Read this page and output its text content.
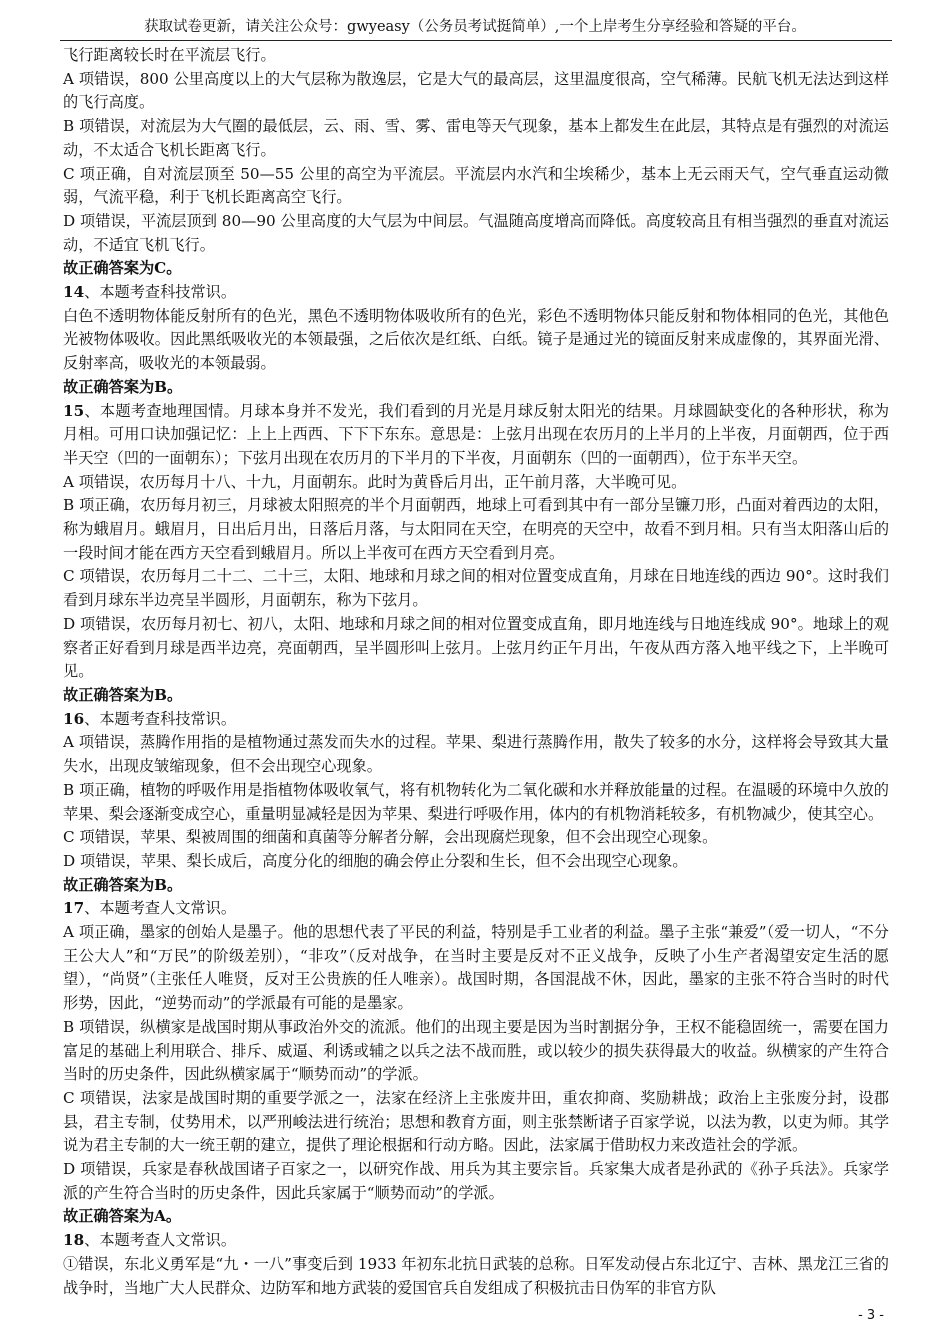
获取试卷更新，请关注公众号：gwyeasy（公务员考试挺简单）,一个上岸考生分享经验和答疑的平台。

飞行距离较长时在平流层飞行。

A 项错误，800 公里高度以上的大气层称为散逸层，它是大气的最高层，这里温度很高，空气稀薄。民航飞机无法达到这样的飞行高度。

B 项错误，对流层为大气圈的最低层，云、雨、雪、雾、雷电等天气现象，基本上都发生在此层，其特点是有强烈的对流运动，不太适合飞机长距离飞行。

C 项正确，自对流层顶至 50—55 公里的高空为平流层。平流层内水汽和尘埃稀少，基本上无云雨天气，空气垂直运动微弱，气流平稳，利于飞机长距离高空飞行。

D 项错误，平流层顶到 80—90 公里高度的大气层为中间层。气温随高度增高而降低。高度较高且有相当强烈的垂直对流运动，不适宜飞机飞行。

故正确答案为C。

14、本题考查科技常识。

白色不透明物体能反射所有的色光，黑色不透明物体吸收所有的色光，彩色不透明物体只能反射和物体相同的色光，其他色光被物体吸收。因此黑纸吸收光的本领最强，之后依次是红纸、白纸。镜子是通过光的镜面反射来成虚像的，其界面光滑、反射率高，吸收光的本领最弱。

故正确答案为B。

15、本题考查地理国情。月球本身并不发光，我们看到的月光是月球反射太阳光的结果。月球圆缺变化的各种形状，称为月相。可用口诀加强记忆：上上上西西、下下下东东。意思是：上弦月出现在农历月的上半月的上半夜，月面朝西，位于西半天空（凹的一面朝东）；下弦月出现在农历月的下半月的下半夜，月面朝东（凹的一面朝西），位于东半天空。

A 项错误，农历每月十八、十九，月面朝东。此时为黄昏后月出，正午前月落，大半晚可见。

B 项正确，农历每月初三，月球被太阳照亮的半个月面朝西，地球上可看到其中有一部分呈镰刀形，凸面对着西边的太阳，称为蛾眉月。蛾眉月，日出后月出，日落后月落，与太阳同在天空，在明亮的天空中，故看不到月相。只有当太阳落山后的一段时间才能在西方天空看到蛾眉月。所以上半夜可在西方天空看到月亮。

C 项错误，农历每月二十二、二十三，太阳、地球和月球之间的相对位置变成直角，月球在日地连线的西边 90°。这时我们看到月球东半边亮呈半圆形，月面朝东，称为下弦月。

D 项错误，农历每月初七、初八，太阳、地球和月球之间的相对位置变成直角，即月地连线与日地连线成 90°。地球上的观察者正好看到月球是西半边亮，亮面朝西，呈半圆形叫上弦月。上弦月约正午月出，午夜从西方落入地平线之下，上半晚可见。

故正确答案为B。

16、本题考查科技常识。

A 项错误，蒸腾作用指的是植物通过蒸发而失水的过程。苹果、梨进行蒸腾作用，散失了较多的水分，这样将会导致其大量失水，出现皮皱缩现象，但不会出现空心现象。

B 项正确，植物的呼吸作用是指植物体吸收氧气，将有机物转化为二氧化碳和水并释放能量的过程。在温暖的环境中久放的苹果、梨会逐渐变成空心，重量明显减轻是因为苹果、梨进行呼吸作用，体内的有机物消耗较多，有机物减少，使其空心。

C 项错误，苹果、梨被周围的细菌和真菌等分解者分解，会出现腐烂现象，但不会出现空心现象。

D 项错误，苹果、梨长成后，高度分化的细胞的确会停止分裂和生长，但不会出现空心现象。

故正确答案为B。

17、本题考查人文常识。

A 项正确，墨家的创始人是墨子。他的思想代表了平民的利益，特别是手工业者的利益。墨子主张“兼爱”（爱一切人，“不分王公大人”和“万民”的阶级差别），“非攻”（反对战争，在当时主要是反对不正义战争，反映了小生产者渴望安定生活的愿望），“尚贤”（主张任人唯贤，反对王公贵族的任人唯亲）。战国时期，各国混战不休，因此，墨家的主张不符合当时的时代形势，因此，“逆势而动”的学派最有可能的是墨家。

B 项错误，纵横家是战国时期从事政治外交的流派。他们的出现主要是因为当时割据分争，王权不能稳固统一，需要在国力富足的基础上利用联合、排斥、威逼、利诱或辅之以兵之法不战而胜，或以较少的损失获得最大的收益。纵横家的产生符合当时的历史条件，因此纵横家属于“顺势而动”的学派。

C 项错误，法家是战国时期的重要学派之一，法家在经济上主张废井田，重农抑商、奖励耕战；政治上主张废分封，设郡县，君主专制，仗势用术，以严刑峻法进行统治；思想和教育方面，则主张禁断诸子百家学说，以法为教，以吏为师。其学说为君主专制的大一统王朝的建立，提供了理论根据和行动方略。因此，法家属于借助权力来改造社会的学派。

D 项错误，兵家是春秋战国诸子百家之一，以研究作战、用兵为其主要宗旨。兵家集大成者是孙武的《孙子兵法》。兵家学派的产生符合当时的历史条件，因此兵家属于“顺势而动”的学派。

故正确答案为A。

18、本题考查人文常识。

①错误，东北义勇军是“九・一八”事变后到 1933 年初东北抗日武装的总称。日军发动侵占东北辽宁、吉林、黑龙江三省的战争时，当地广大人民群众、边防军和地方武装的爱国官兵自发组成了积极抗击日伪军的非官方队

- 3 -
